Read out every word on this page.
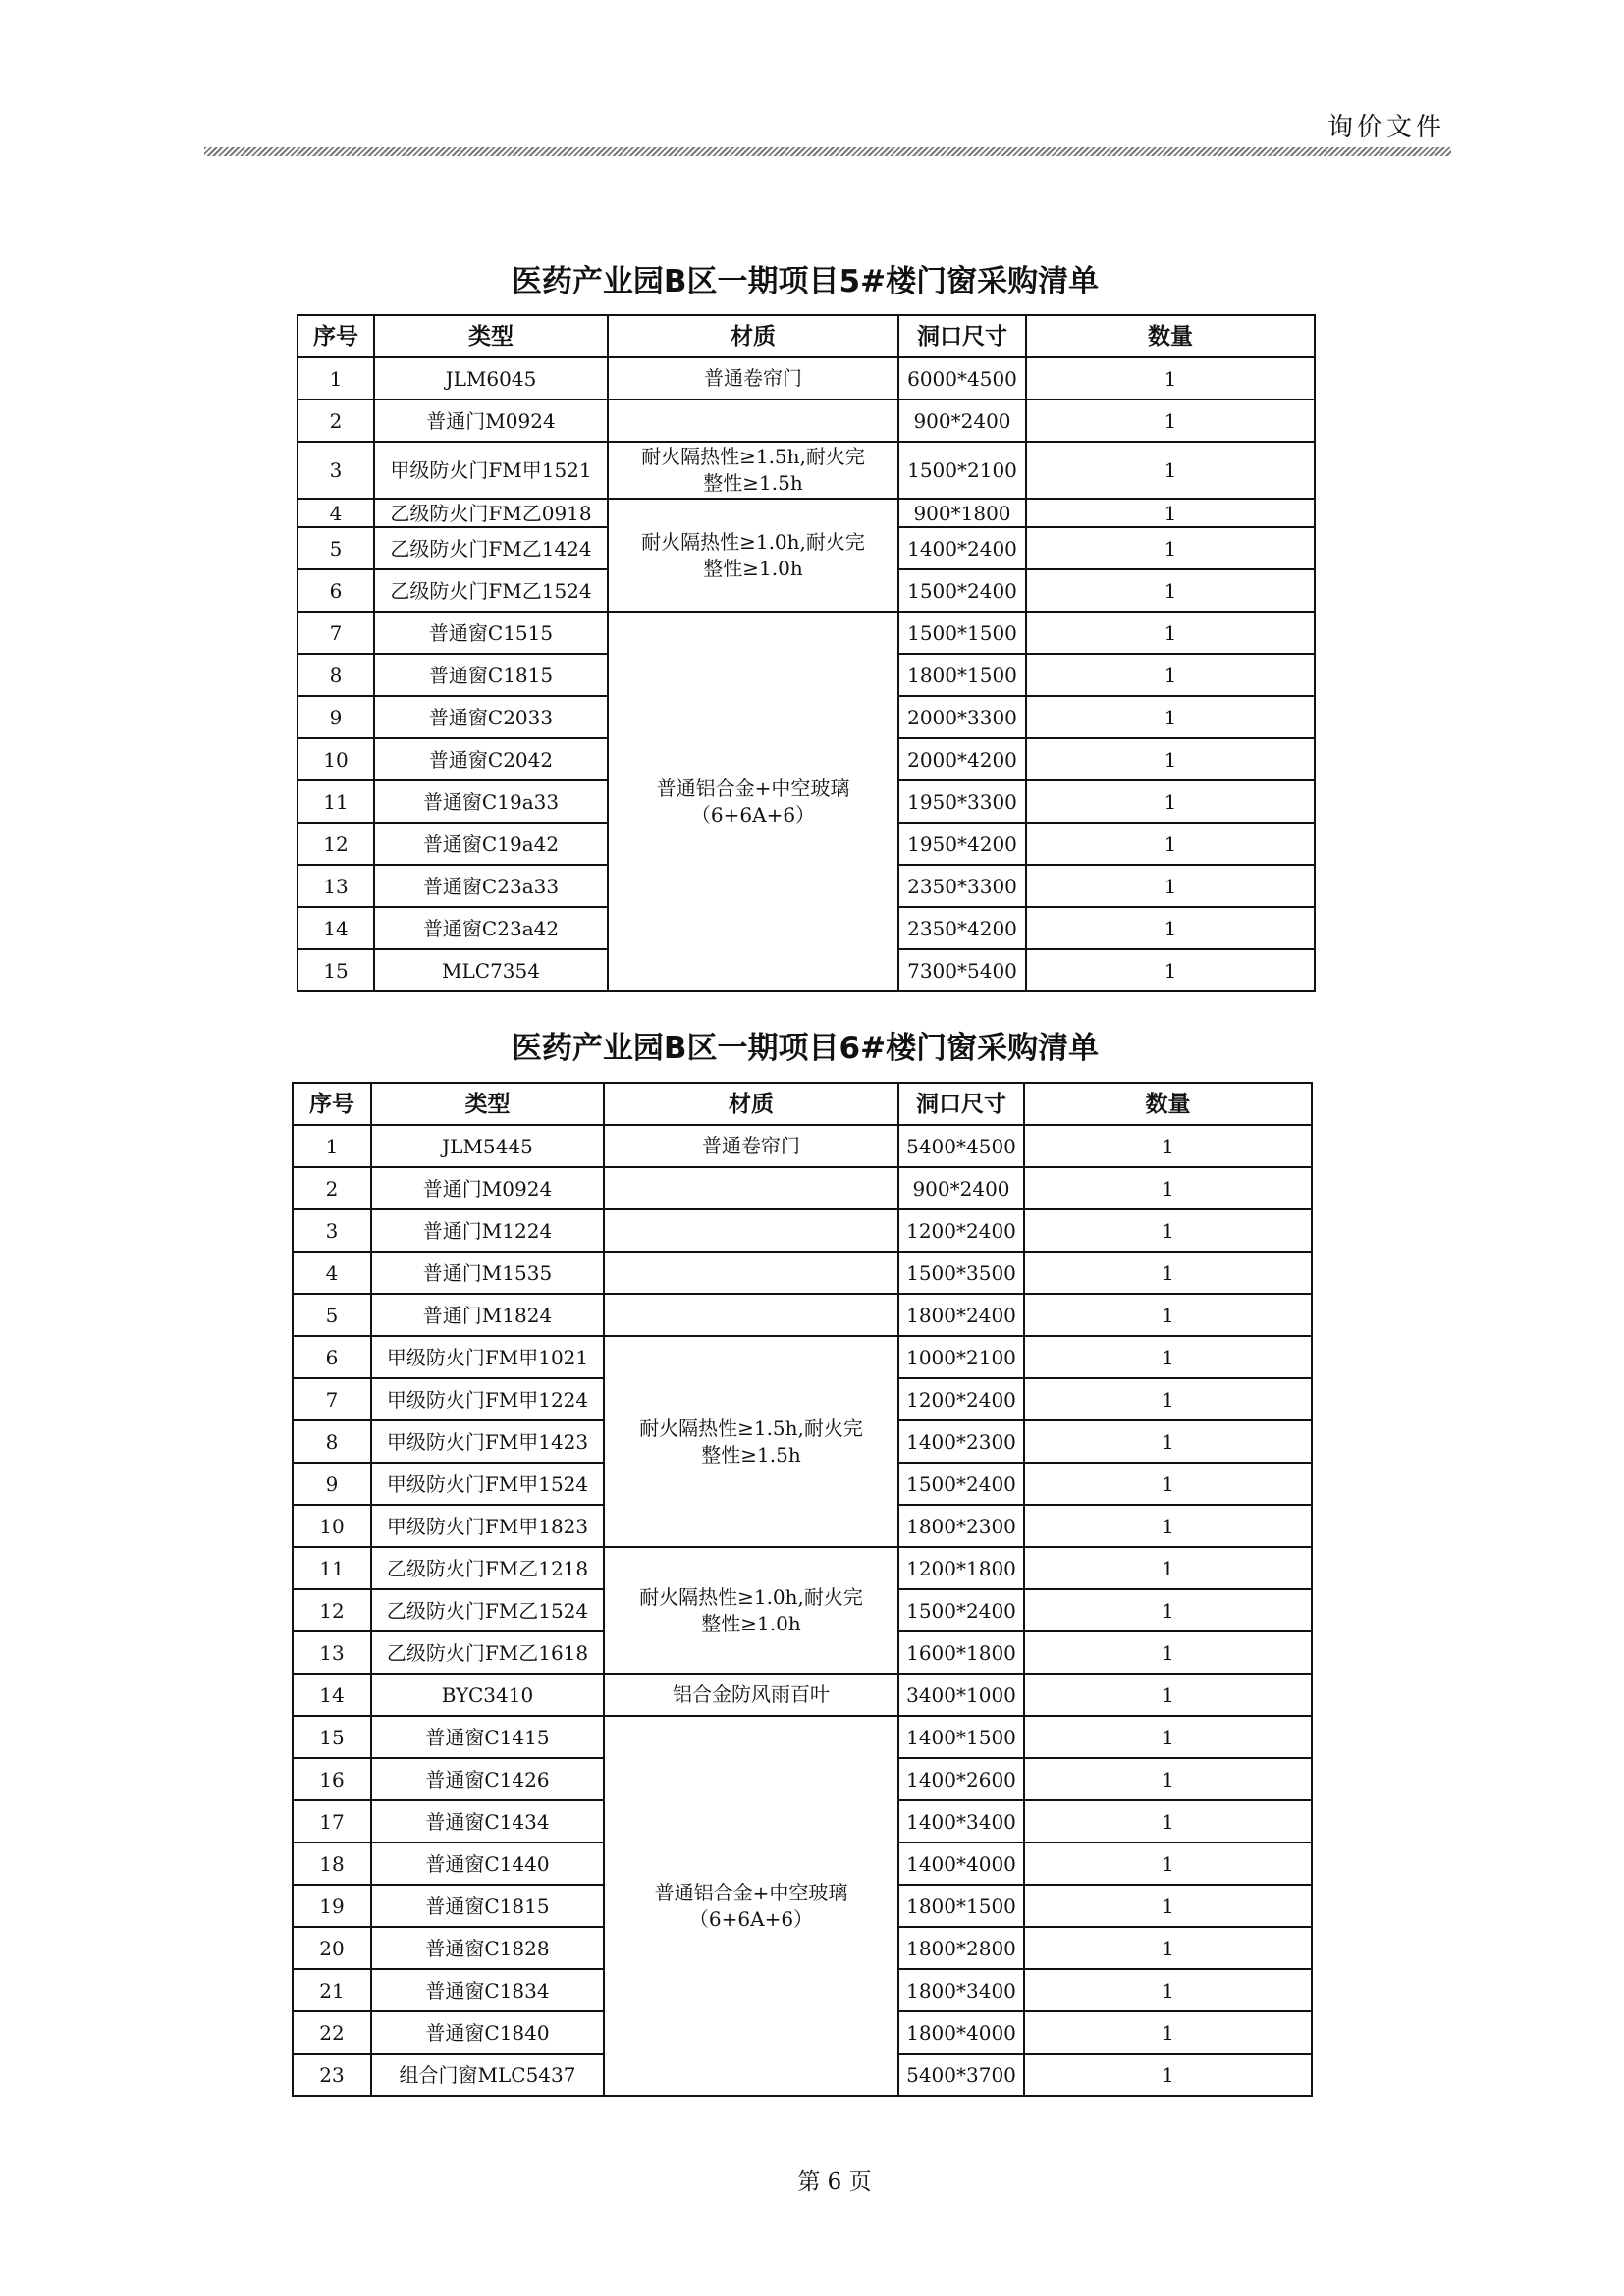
询价文件
医药产业园B区一期项目5#楼门窗采购清单
序号	类型	材质	洞口尺寸	数量
1	JLM6045	普通卷帘门	6000*4500	1
2	普通门M0924		900*2400	1
3	甲级防火门FM甲1521	耐火隔热性≥1.5h,耐火完
整性≥1.5h	1500*2100	1
4	乙级防火门FM乙0918	耐火隔热性≥1.0h,耐火完
整性≥1.0h	900*1800	1
5	乙级防火门FM乙1424		1400*2400	1
6	乙级防火门FM乙1524		1500*2400	1
7	普通窗C1515	普通铝合金+中空玻璃
（6+6A+6）	1500*1500	1
8	普通窗C1815		1800*1500	1
9	普通窗C2033		2000*3300	1
10	普通窗C2042		2000*4200	1
11	普通窗C19a33		1950*3300	1
12	普通窗C19a42		1950*4200	1
13	普通窗C23a33		2350*3300	1
14	普通窗C23a42		2350*4200	1
15	MLC7354		7300*5400	1
医药产业园B区一期项目6#楼门窗采购清单
序号	类型	材质	洞口尺寸	数量
1	JLM5445	普通卷帘门	5400*4500	1
2	普通门M0924		900*2400	1
3	普通门M1224		1200*2400	1
4	普通门M1535		1500*3500	1
5	普通门M1824		1800*2400	1
6	甲级防火门FM甲1021	耐火隔热性≥1.5h,耐火完
整性≥1.5h	1000*2100	1
7	甲级防火门FM甲1224		1200*2400	1
8	甲级防火门FM甲1423		1400*2300	1
9	甲级防火门FM甲1524		1500*2400	1
10	甲级防火门FM甲1823		1800*2300	1
11	乙级防火门FM乙1218	耐火隔热性≥1.0h,耐火完
整性≥1.0h	1200*1800	1
12	乙级防火门FM乙1524		1500*2400	1
13	乙级防火门FM乙1618		1600*1800	1
14	BYC3410	铝合金防风雨百叶	3400*1000	1
15	普通窗C1415	普通铝合金+中空玻璃
（6+6A+6）	1400*1500	1
16	普通窗C1426		1400*2600	1
17	普通窗C1434		1400*3400	1
18	普通窗C1440		1400*4000	1
19	普通窗C1815		1800*1500	1
20	普通窗C1828		1800*2800	1
21	普通窗C1834		1800*3400	1
22	普通窗C1840		1800*4000	1
23	组合门窗MLC5437		5400*3700	1
第 6 页
